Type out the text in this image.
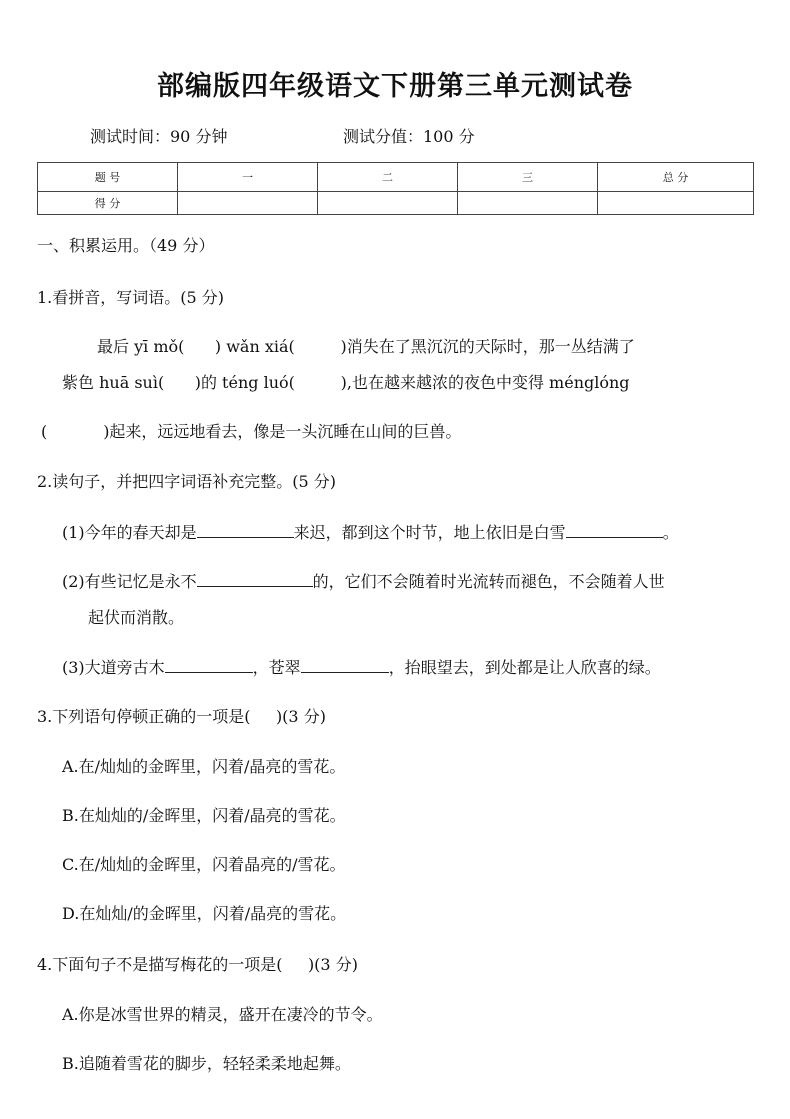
部编版四年级语文下册第三单元测试卷
测试时间：90 分钟	测试分值：100 分
题 号	一	二	三	总 分
得 分				
一、积累运用。（49 分）
1.看拼音，写词语。(5 分)
最后 yī mǒ(      ) wǎn xiá(         )消失在了黑沉沉的天际时，那一丛结满了
紫色 huā suì(      )的 téng luó(         ),也在越来越浓的夜色中变得 ménglóng
(           )起来，远远地看去，像是一头沉睡在山间的巨兽。
2.读句子，并把四字词语补充完整。(5 分)
(1)今年的春天却是	来迟，都到这个时节，地上依旧是白雪	。
(2)有些记忆是永不	的，它们不会随着时光流转而褪色，不会随着人世
起伏而消散。
(3)大道旁古木	，苍翠	，抬眼望去，到处都是让人欣喜的绿。
3.下列语句停顿正确的一项是(     )(3 分)
A.在/灿灿的金晖里，闪着/晶亮的雪花。
B.在灿灿的/金晖里，闪着/晶亮的雪花。
C.在/灿灿的金晖里，闪着晶亮的/雪花。
D.在灿灿/的金晖里，闪着/晶亮的雪花。
4.下面句子不是描写梅花的一项是(     )(3 分)
A.你是冰雪世界的精灵，盛开在凄冷的节令。
B.追随着雪花的脚步，轻轻柔柔地起舞。
